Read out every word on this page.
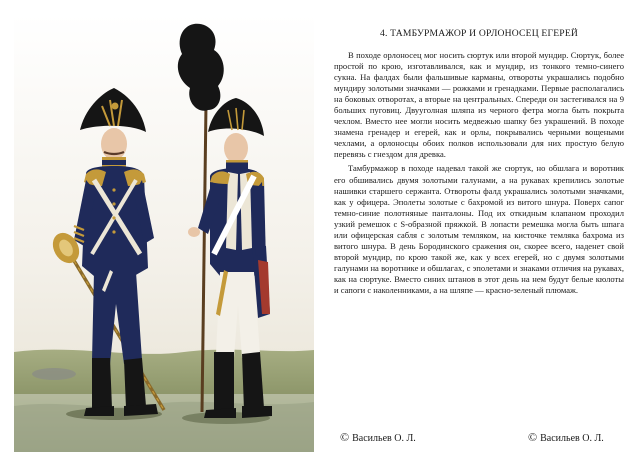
4. ТАМБУРМАЖОР И ОРЛОНОСЕЦ ЕГЕРЕЙ

В походе орлоносец мог носить сюртук или второй мундир. Сюртук, более простой по крою, изготавливался, как и мундир, из тонкого темно-синего сукна. На фалдах были фальшивые карманы, отвороты украшались подобно мундиру золотыми значками — рожками и гренадками. Первые располагались на боковых отворотах, а вторые на центральных. Спереди он застегивался на 9 больших пуговиц. Двууголная шляпа из черного фетра могла быть покрыта чехлом. Вместо нее могли носить медвежью шапку без украшений. В походе знамена гренадер и егерей, как и орлы, покрывались черными вощеными чехлами, а орлоносцы обоих полков использовали для них простую белую перевязь с гнездом для древка.

Тамбурмажор в походе надевал такой же сюртук, но обшлага и воротник его обшивались двумя золотыми галунами, а на рукавах крепились золотые нашивки старшего сержанта. Отвороты фалд украшались золотыми значками, как у офицера. Эполеты золотые с бахромой из витого шнура. Поверх сапог темно-синие полотняные панталоны. Под их откидным клапаном проходил узкий ремешок с S-образной пряжкой. В лопасти ремешка могла быть шпага или офицерская сабля с золотым темляком, на кисточке темляка бахрома из витого шнура. В день Бородинского сражения он, скорее всего, наденет свой второй мундир, по крою такой же, как у всех егерей, но с двумя золотыми галунами на воротнике и обшлагах, с эполетами и знаками отличия на рукавах, как на сюртуке. Вместо синих штанов в этот день на нем будут белые кюлоты и сапоги с наколенниками, а на шляпе — красно-зеленый плюмаж.

© Васильев О. Л.	© Васильев О. Л.
